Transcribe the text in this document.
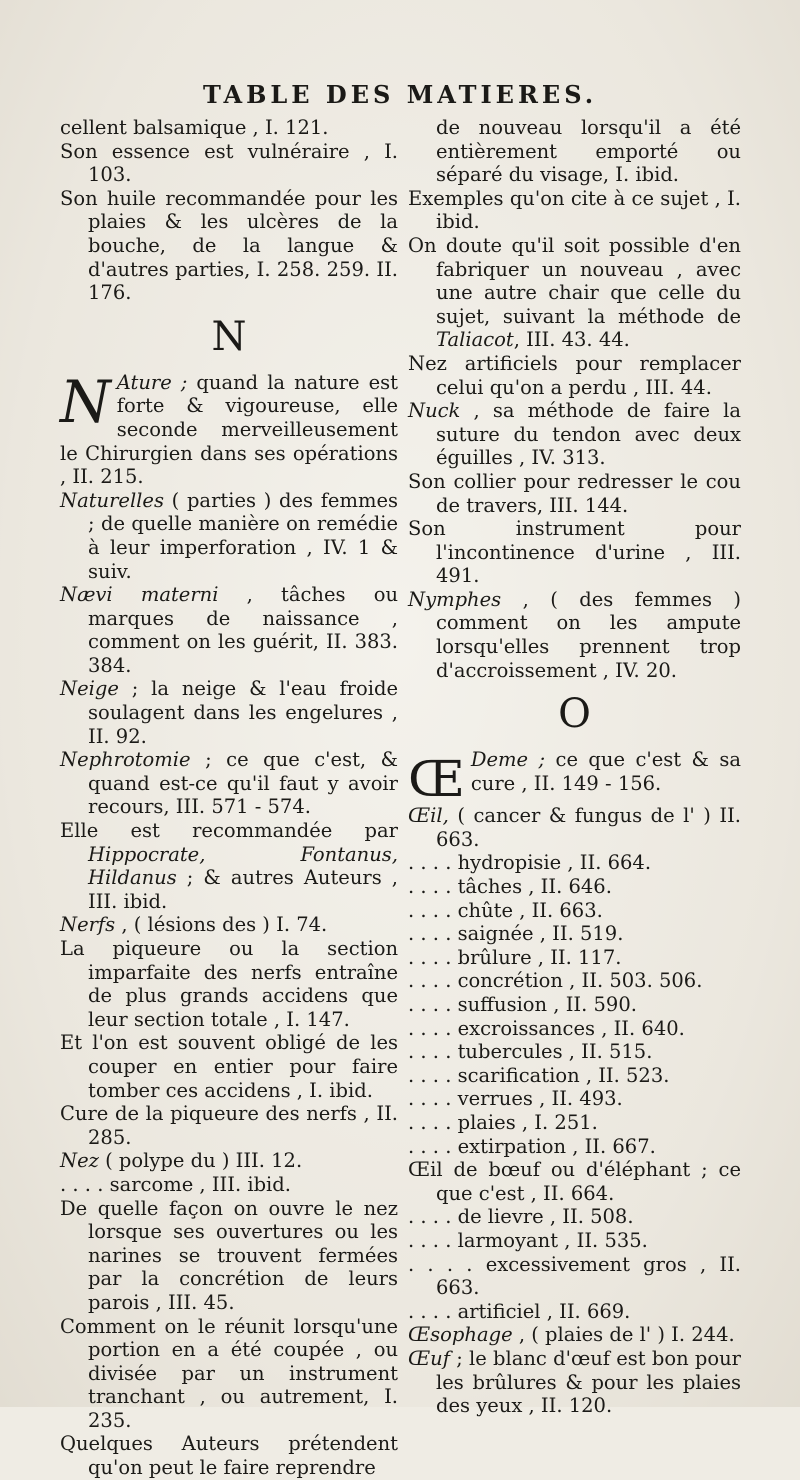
TABLE DES MATIERES.

cellent balsamique , I. 121.

Son essence est vulnéraire , I. 103.

Son huile recommandée pour les plaies & les ulcères de la bouche, de la langue & d'autres parties, I. 258. 259. II. 176.

N

N Ature ; quand la nature est forte & vigoureuse, elle seconde merveilleusement le Chirurgien dans ses opérations , II. 215.

Naturelles ( parties ) des femmes ; de quelle manière on remédie à leur imperforation , IV. 1 & suiv.

Nævi materni , tâches ou marques de naissance , comment on les guérit, II. 383. 384.

Neige ; la neige & l'eau froide soulagent dans les engelures , II. 92.

Nephrotomie ; ce que c'est, & quand est-ce qu'il faut y avoir recours, III. 571 - 574.

Elle est recommandée par Hippocrate, Fontanus, Hildanus ; & autres Auteurs , III. ibid.

Nerfs , ( lésions des ) I. 74.

La piqueure ou la section imparfaite des nerfs entraîne de plus grands accidens que leur section totale , I. 147.

Et l'on est souvent obligé de les couper en entier pour faire tomber ces accidens , I. ibid.

Cure de la piqueure des nerfs , II. 285.

Nez ( polype du ) III. 12.

. . . . sarcome , III. ibid.

De quelle façon on ouvre le nez lorsque ses ouvertures ou les narines se trouvent fermées par la concrétion de leurs parois , III. 45.

Comment on le réunit lorsqu'une portion en a été coupée , ou divisée par un instrument tranchant , ou autrement, I. 235.

Quelques Auteurs prétendent qu'on peut le faire reprendre

de nouveau lorsqu'il a été entièrement emporté ou séparé du visage, I. ibid.

Exemples qu'on cite à ce sujet , I. ibid.

On doute qu'il soit possible d'en fabriquer un nouveau , avec une autre chair que celle du sujet, suivant la méthode de Taliacot, III. 43. 44.

Nez artificiels pour remplacer celui qu'on a perdu , III. 44.

Nuck , sa méthode de faire la suture du tendon avec deux éguilles , IV. 313.

Son collier pour redresser le cou de travers, III. 144.

Son instrument pour l'incontinence d'urine , III. 491.

Nymphes , ( des femmes ) comment on les ampute lorsqu'elles prennent trop d'accroissement , IV. 20.

O

Œ Deme ; ce que c'est & sa cure , II. 149 - 156.

Œil, ( cancer & fungus de l' ) II. 663.

. . . . hydropisie , II. 664.

. . . . tâches , II. 646.

. . . . chûte , II. 663.

. . . . saignée , II. 519.

. . . . brûlure , II. 117.

. . . . concrétion , II. 503. 506.

. . . . suffusion , II. 590.

. . . . excroissances , II. 640.

. . . . tubercules , II. 515.

. . . . scarification , II. 523.

. . . . verrues , II. 493.

. . . . plaies , I. 251.

. . . . extirpation , II. 667.

Œil de bœuf ou d'éléphant ; ce que c'est , II. 664.

. . . . de lievre , II. 508.

. . . . larmoyant , II. 535.

. . . . excessivement gros , II. 663.

. . . . artificiel , II. 669.

Œsophage , ( plaies de l' ) I. 244.

Œuf ; le blanc d'œuf est bon pour les brûlures & pour les plaies des yeux , II. 120.
